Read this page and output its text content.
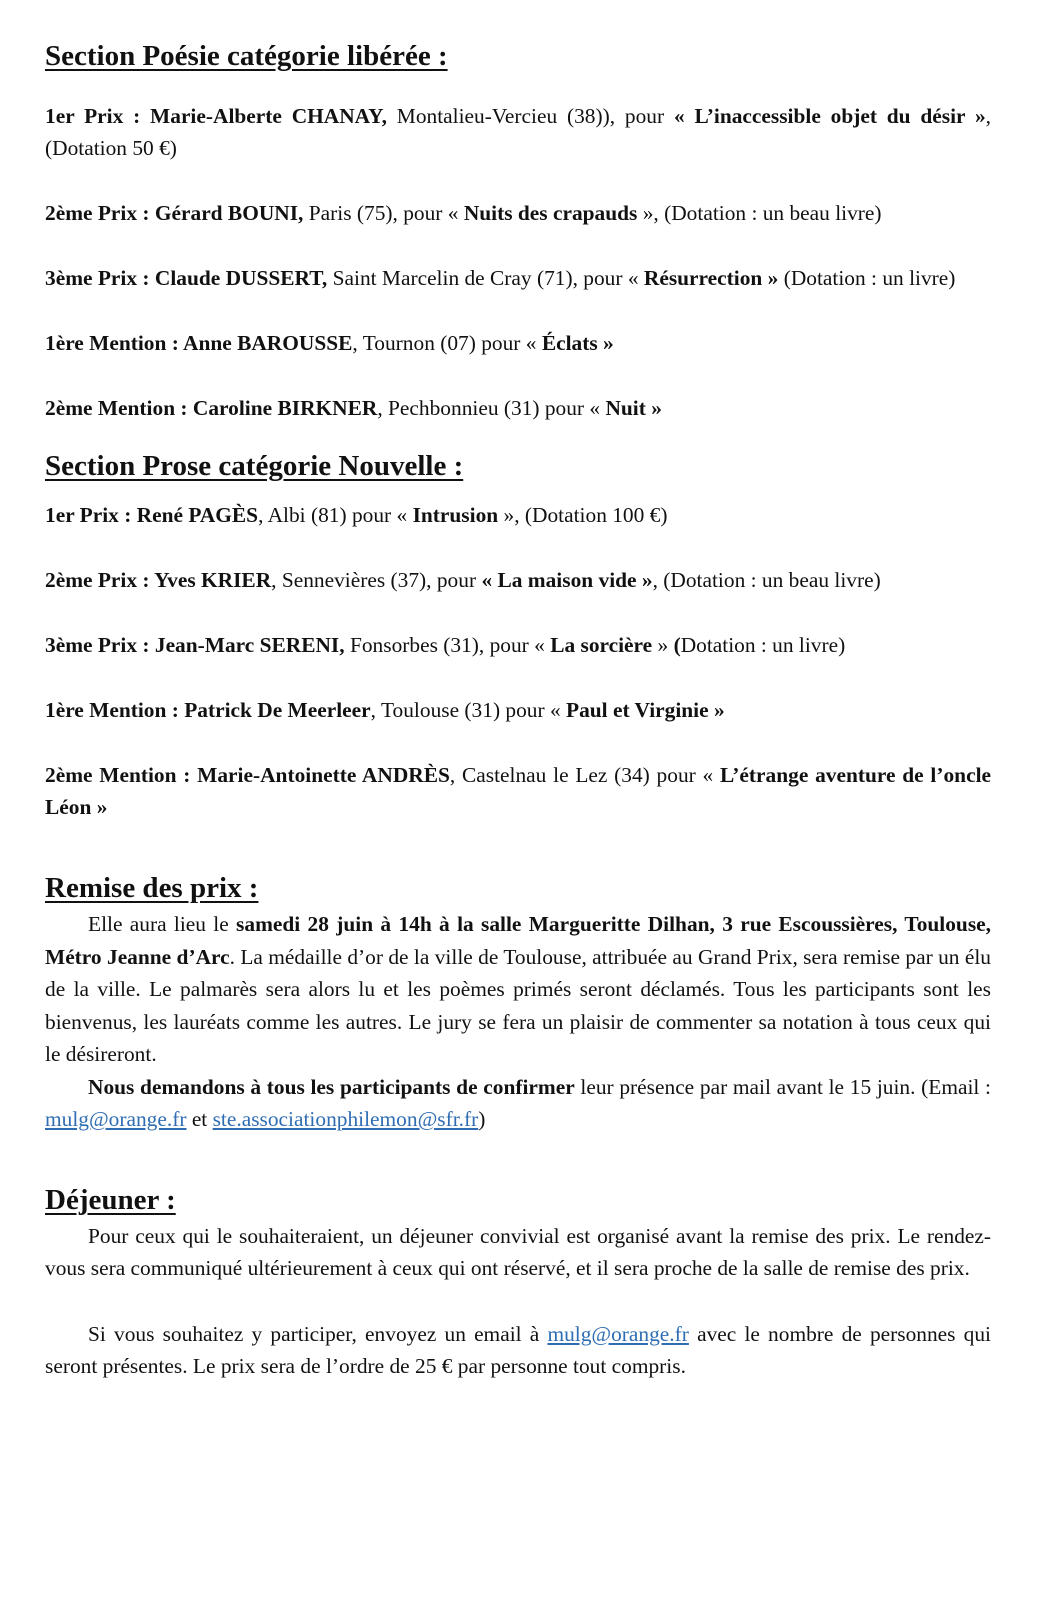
Section Poésie catégorie libérée :

1er Prix : Marie-Alberte CHANAY, Montalieu-Vercieu (38)), pour « L’inaccessible objet du désir », (Dotation 50 €)

2ème Prix : Gérard BOUNI, Paris (75), pour « Nuits des crapauds », (Dotation : un beau livre)

3ème Prix : Claude DUSSERT, Saint Marcelin de Cray (71), pour « Résurrection » (Dotation : un livre)

1ère Mention : Anne BAROUSSE, Tournon (07) pour « Éclats »

2ème Mention : Caroline BIRKNER, Pechbonnieu (31) pour « Nuit »

Section Prose catégorie Nouvelle :

1er Prix : René PAGÈS, Albi (81) pour « Intrusion », (Dotation 100 €)

2ème Prix : Yves KRIER, Sennevières (37), pour « La maison vide », (Dotation : un beau livre)

3ème Prix : Jean-Marc SERENI, Fonsorbes (31), pour « La sorcière » (Dotation : un livre)

1ère Mention : Patrick De Meerleer, Toulouse (31) pour « Paul et Virginie »

2ème Mention : Marie-Antoinette ANDRÈS, Castelnau le Lez (34) pour « L’étrange aventure de l’oncle Léon »

Remise des prix :

Elle aura lieu le samedi 28 juin à 14h à la salle Margueritte Dilhan, 3 rue Escoussières, Toulouse, Métro Jeanne d’Arc. La médaille d’or de la ville de Toulouse, attribuée au Grand Prix, sera remise par un élu de la ville. Le palmarès sera alors lu et les poèmes primés seront déclamés. Tous les participants sont les bienvenus, les lauréats comme les autres. Le jury se fera un plaisir de commenter sa notation à tous ceux qui le désireront.

Nous demandons à tous les participants de confirmer leur présence par mail avant le 15 juin. (Email : mulg@orange.fr et ste.associationphilemon@sfr.fr)

Déjeuner :

Pour ceux qui le souhaiteraient, un déjeuner convivial est organisé avant la remise des prix. Le rendez-vous sera communiqué ultérieurement à ceux qui ont réservé, et il sera proche de la salle de remise des prix.

Si vous souhaitez y participer, envoyez un email à mulg@orange.fr avec le nombre de personnes qui seront présentes. Le prix sera de l’ordre de 25 € par personne tout compris.
